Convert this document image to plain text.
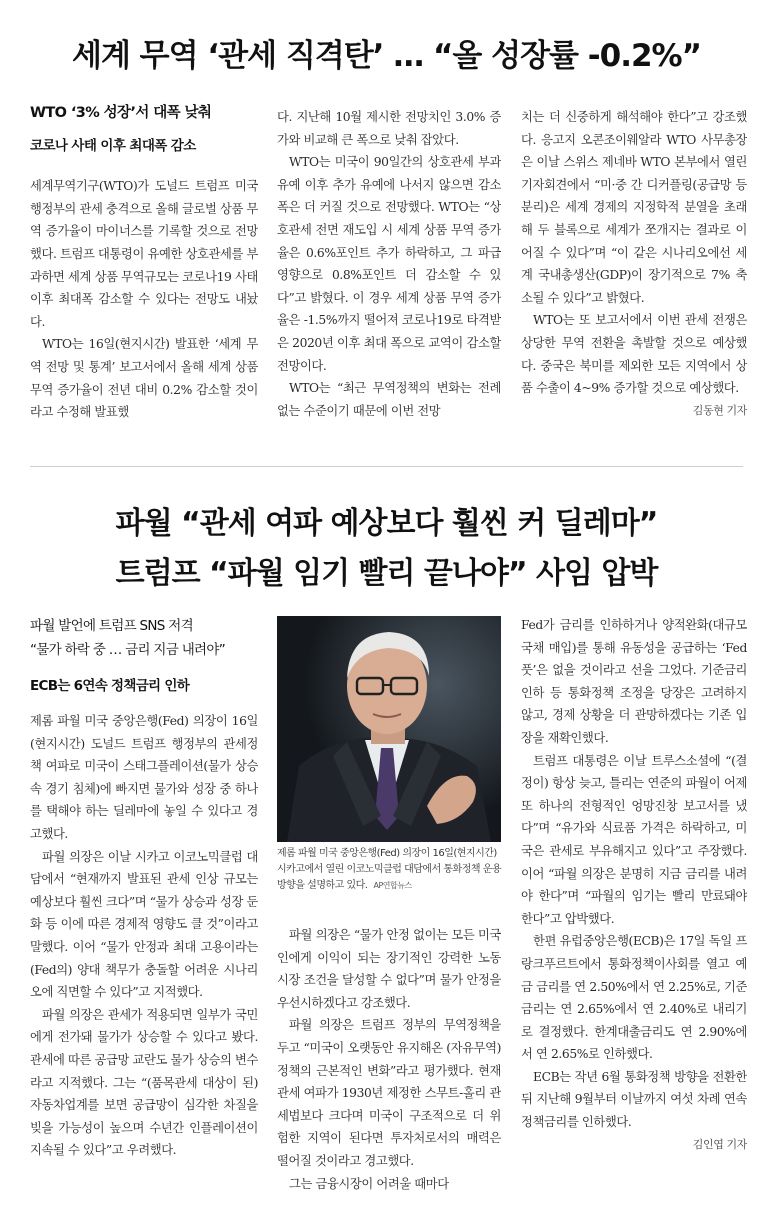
세계 무역 ‘관세 직격탄’ … “올 성장률 -0.2%”

WTO ‘3% 성장’서 대폭 낮춰

코로나 사태 이후 최대폭 감소

세계무역기구(WTO)가 도널드 트럼프 미국 행정부의 관세 충격으로 올해 글로벌 상품 무역 증가율이 마이너스를 기록할 것으로 전망했다. 트럼프 대통령이 유예한 상호관세를 부과하면 세계 상품 무역규모는 코로나19 사태 이후 최대폭 감소할 수 있다는 전망도 내놨다.

WTO는 16일(현지시간) 발표한 ‘세계 무역 전망 및 통계’ 보고서에서 올해 세계 상품 무역 증가율이 전년 대비 0.2% 감소할 것이라고 수정해 발표했

다. 지난해 10월 제시한 전망치인 3.0% 증가와 비교해 큰 폭으로 낮춰 잡았다.

WTO는 미국이 90일간의 상호관세 부과 유예 이후 추가 유예에 나서지 않으면 감소 폭은 더 커질 것으로 전망했다. WTO는 “상호관세 전면 재도입 시 세계 상품 무역 증가율은 0.6%포인트 추가 하락하고, 그 파급 영향으로 0.8%포인트 더 감소할 수 있다”고 밝혔다. 이 경우 세계 상품 무역 증가율은 -1.5%까지 떨어져 코로나19로 타격받은 2020년 이후 최대 폭으로 교역이 감소할 전망이다.

WTO는 “최근 무역정책의 변화는 전례 없는 수준이기 때문에 이번 전망

치는 더 신중하게 해석해야 한다”고 강조했다. 응고지 오콘조이웨알라 WTO 사무총장은 이날 스위스 제네바 WTO 본부에서 열린 기자회견에서 “미·중 간 디커플링(공급망 등 분리)은 세계 경제의 지정학적 분열을 초래해 두 블록으로 세계가 쪼개지는 결과로 이어질 수 있다”며 “이 같은 시나리오에선 세계 국내총생산(GDP)이 장기적으로 7% 축소될 수 있다”고 밝혔다.

WTO는 또 보고서에서 이번 관세 전쟁은 상당한 무역 전환을 촉발할 것으로 예상했다. 중국은 북미를 제외한 모든 지역에서 상품 수출이 4~9% 증가할 것으로 예상했다.

김동현 기자
파월 “관세 여파 예상보다 훨씬 커 딜레마”
트럼프 “파월 임기 빨리 끝나야” 사임 압박

파월 발언에 트럼프 SNS 저격

“물가 하락 중 … 금리 지금 내려야”

ECB는 6연속 정책금리 인하

제롬 파월 미국 중앙은행(Fed) 의장이 16일(현지시간) 도널드 트럼프 행정부의 관세정책 여파로 미국이 스태그플레이션(물가 상승 속 경기 침체)에 빠지면 물가와 성장 중 하나를 택해야 하는 딜레마에 놓일 수 있다고 경고했다.

파월 의장은 이날 시카고 이코노믹클럽 대담에서 “현재까지 발표된 관세 인상 규모는 예상보다 훨씬 크다”며 “물가 상승과 성장 둔화 등 이에 따른 경제적 영향도 클 것”이라고 말했다. 이어 “물가 안정과 최대 고용이라는 (Fed의) 양대 책무가 충돌할 어려운 시나리오에 직면할 수 있다”고 지적했다.

파월 의장은 관세가 적용되면 일부가 국민에게 전가돼 물가가 상승할 수 있다고 봤다. 관세에 따른 공급망 교란도 물가 상승의 변수라고 지적했다. 그는 “(품목관세 대상이 된) 자동차업계를 보면 공급망이 심각한 차질을 빚을 가능성이 높으며 수년간 인플레이션이 지속될 수 있다”고 우려했다.

제롬 파월 미국 중앙은행(Fed) 의장이 16일(현지시간) 시카고에서 열린 이코노믹클럽 대담에서 통화정책 운용 방향을 설명하고 있다. AP연합뉴스

파월 의장은 “물가 안정 없이는 모든 미국인에게 이익이 되는 장기적인 강력한 노동시장 조건을 달성할 수 없다”며 물가 안정을 우선시하겠다고 강조했다.

파월 의장은 트럼프 정부의 무역정책을 두고 “미국이 오랫동안 유지해온 (자유무역) 정책의 근본적인 변화”라고 평가했다. 현재 관세 여파가 1930년 제정한 스무트-홀리 관세법보다 크다며 미국이 구조적으로 더 위험한 지역이 된다면 투자처로서의 매력은 떨어질 것이라고 경고했다.

그는 금융시장이 어려울 때마다

Fed가 금리를 인하하거나 양적완화(대규모 국채 매입)를 통해 유동성을 공급하는 ‘Fed 풋’은 없을 것이라고 선을 그었다. 기준금리 인하 등 통화정책 조정을 당장은 고려하지 않고, 경제 상황을 더 관망하겠다는 기존 입장을 재확인했다.

트럼프 대통령은 이날 트루스소셜에 “(결정이) 항상 늦고, 틀리는 연준의 파월이 어제 또 하나의 전형적인 엉망진창 보고서를 냈다”며 “유가와 식료품 가격은 하락하고, 미국은 관세로 부유해지고 있다”고 주장했다. 이어 “파월 의장은 분명히 지금 금리를 내려야 한다”며 “파월의 임기는 빨리 만료돼야 한다”고 압박했다.

한편 유럽중앙은행(ECB)은 17일 독일 프랑크푸르트에서 통화정책이사회를 열고 예금 금리를 연 2.50%에서 연 2.25%로, 기준금리는 연 2.65%에서 연 2.40%로 내리기로 결정했다. 한계대출금리도 연 2.90%에서 연 2.65%로 인하했다.

ECB는 작년 6월 통화정책 방향을 전환한 뒤 지난해 9월부터 이날까지 여섯 차례 연속 정책금리를 인하했다.

김인엽 기자
